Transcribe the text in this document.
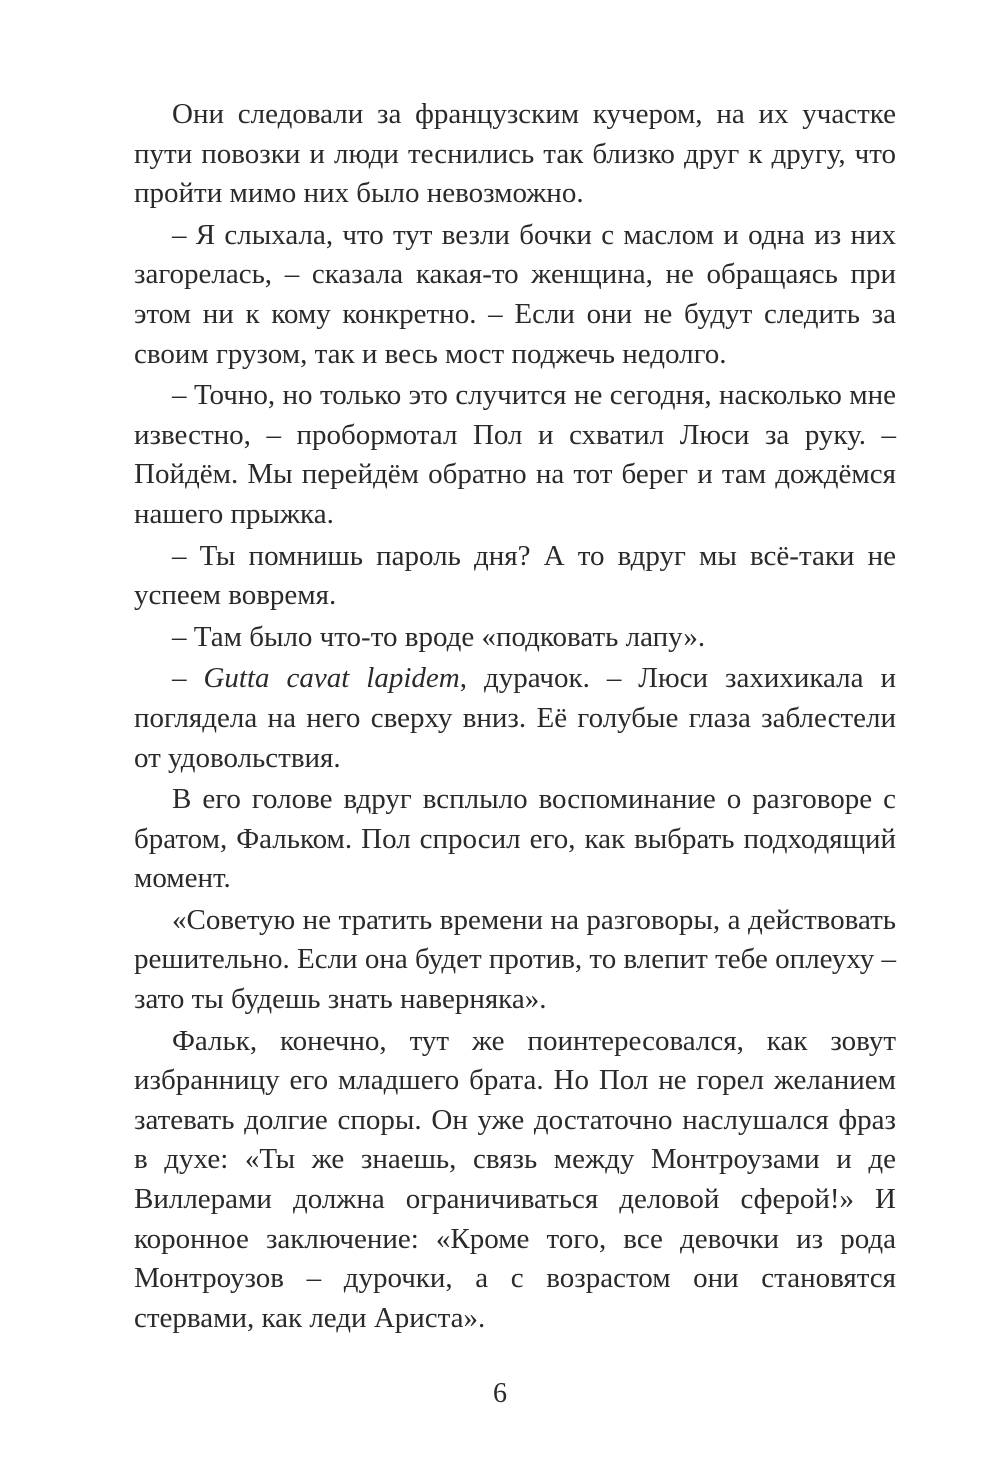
Они следовали за французским кучером, на их участке пути повозки и люди теснились так близко друг к другу, что пройти мимо них было невозможно.

– Я слыхала, что тут везли бочки с маслом и одна из них загорелась, – сказала какая-то женщина, не обращаясь при этом ни к кому конкретно. – Если они не будут следить за своим грузом, так и весь мост поджечь недолго.

– Точно, но только это случится не сегодня, насколько мне известно, – пробормотал Пол и схватил Люси за руку. – Пойдём. Мы перейдём обратно на тот берег и там дождёмся нашего прыжка.

– Ты помнишь пароль дня? А то вдруг мы всё-таки не успеем вовремя.

– Там было что-то вроде «подковать лапу».

– Gutta cavat lapidem, дурачок. – Люси захихикала и поглядела на него сверху вниз. Её голубые глаза заблестели от удовольствия.

В его голове вдруг всплыло воспоминание о разговоре с братом, Фальком. Пол спросил его, как выбрать подходящий момент.

«Советую не тратить времени на разговоры, а действовать решительно. Если она будет против, то влепит тебе оплеуху – зато ты будешь знать наверняка».

Фальк, конечно, тут же поинтересовался, как зовут избранницу его младшего брата. Но Пол не горел желанием затевать долгие споры. Он уже достаточно наслушался фраз в духе: «Ты же знаешь, связь между Монтроузами и де Виллерами должна ограничиваться деловой сферой!» И коронное заключение: «Кроме того, все девочки из рода Монтроузов – дурочки, а с возрастом они становятся стервами, как леди Ариста».

6
